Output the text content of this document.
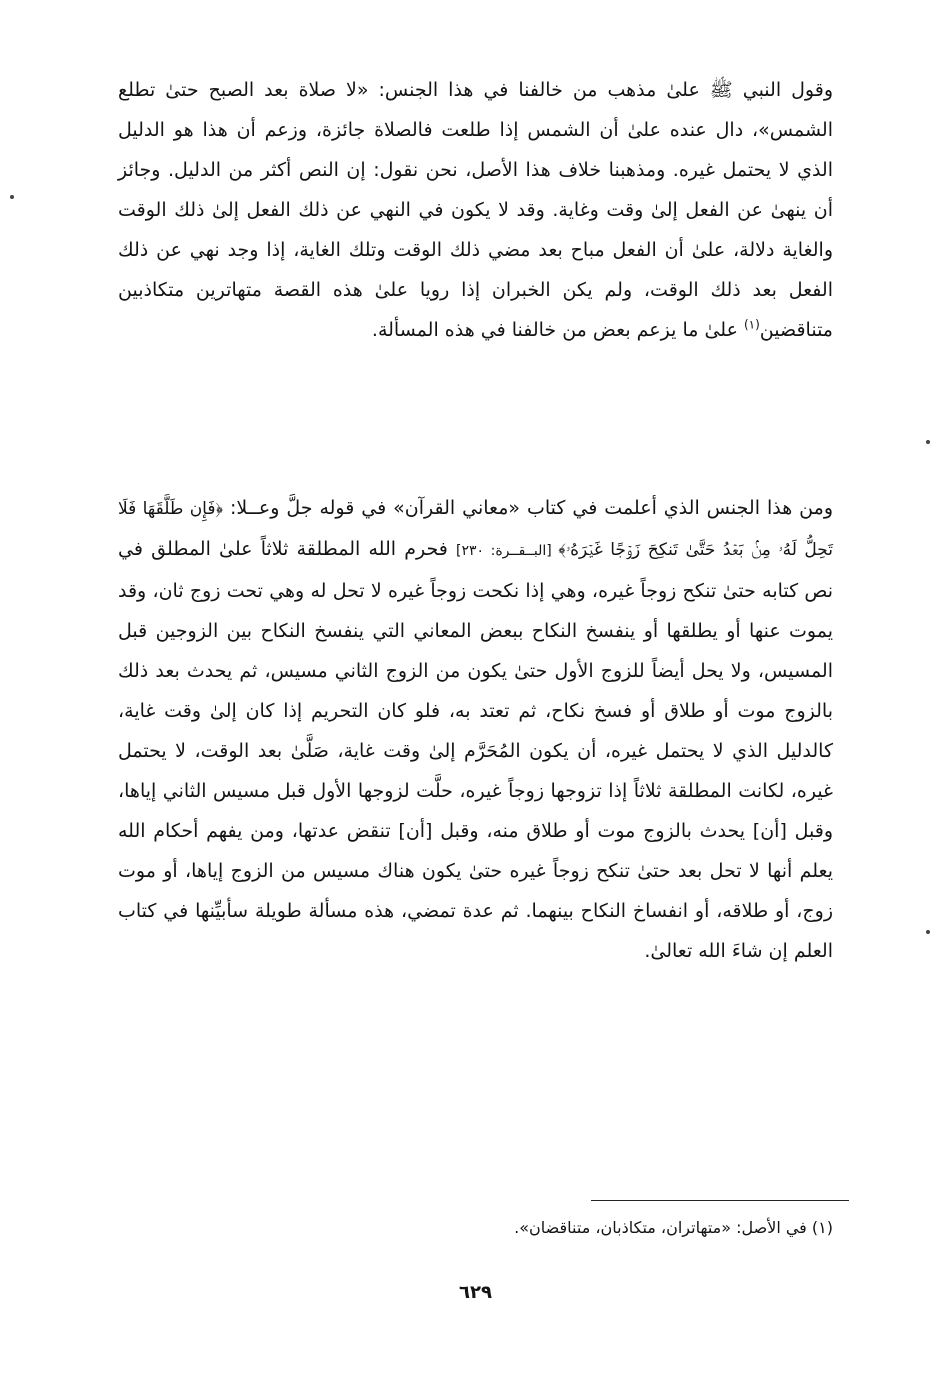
وقول النبي ﷺ علىٰ مذهب من خالفنا في هذا الجنس: «لا صلاة بعد الصبح حتىٰ تطلع الشمس»، دال عنده علىٰ أن الشمس إذا طلعت فالصلاة جائزة، وزعم أن هذا هو الدليل الذي لا يحتمل غيره. ومذهبنا خلاف هذا الأصل، نحن نقول: إن النص أكثر من الدليل. وجائز أن ينهىٰ عن الفعل إلىٰ وقت وغاية. وقد لا يكون في النهي عن ذلك الفعل إلىٰ ذلك الوقت والغاية دلالة، علىٰ أن الفعل مباح بعد مضي ذلك الوقت وتلك الغاية، إذا وجد نهي عن ذلك الفعل بعد ذلك الوقت، ولم يكن الخبران إذا رويا علىٰ هذه القصة متهاترين متكاذبين متناقضين$^{(١)}$ علىٰ ما يزعم بعض من خالفنا في هذه المسألة.
ومن هذا الجنس الذي أعلمت في كتاب «معاني القرآن» في قوله جلَّ وعــلا: ﴿فَإِن طَلَّقَهَا فَلَا تَحِلُّ لَهُۥ مِنۢ بَعۡدُ حَتَّىٰ تَنكِحَ زَوۡجًا غَيۡرَهُۥ﴾ [البــقــرة: ٢٣٠] فحرم الله المطلقة ثلاثاً علىٰ المطلق في نص كتابه حتىٰ تنكح زوجاً غيره، وهي إذا نكحت زوجاً غيره لا تحل له وهي تحت زوج ثان، وقد يموت عنها أو يطلقها أو ينفسخ النكاح ببعض المعاني التي ينفسخ النكاح بين الزوجين قبل المسيس، ولا يحل أيضاً للزوج الأول حتىٰ يكون من الزوج الثاني مسيس، ثم يحدث بعد ذلك بالزوج موت أو طلاق أو فسخ نكاح، ثم تعتد به، فلو كان التحريم إذا كان إلىٰ وقت غاية، كالدليل الذي لا يحتمل غيره، أن يكون المُحَرَّم إلىٰ وقت غاية، صَلَّىٰ بعد الوقت، لا يحتمل غيره، لكانت المطلقة ثلاثاً إذا تزوجها زوجاً غيره، حلَّت لزوجها الأول قبل مسيس الثاني إياها، وقبل [أن] يحدث بالزوج موت أو طلاق منه، وقبل [أن] تنقض عدتها، ومن يفهم أحكام الله يعلم أنها لا تحل بعد حتىٰ تنكح زوجاً غيره حتىٰ يكون هناك مسيس من الزوج إياها، أو موت زوج، أو طلاقه، أو انفساخ النكاح بينهما. ثم عدة تمضي، هذه مسألة طويلة سأبيِّنها في كتاب العلم إن شاءَ الله تعالىٰ.
(١) في الأصل: «متهاتران، متكاذبان، متناقضان».
٦٢٩
